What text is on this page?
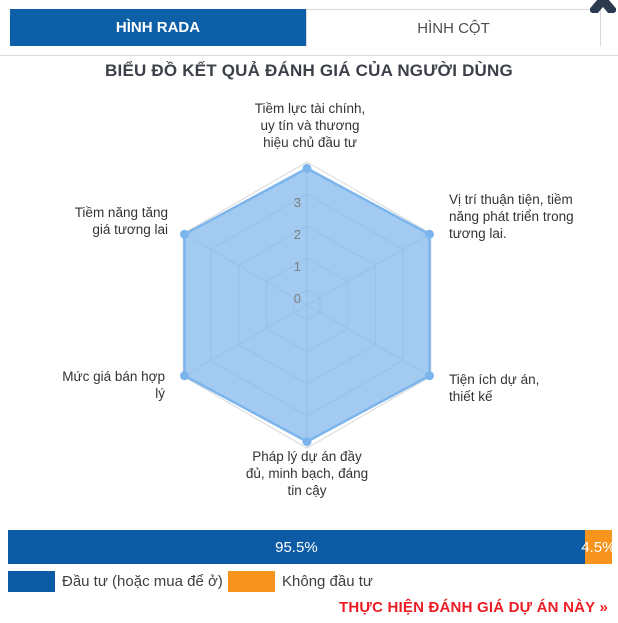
HÌNH RADA	HÌNH CỘT
BIỂU ĐỒ KẾT QUẢ ĐÁNH GIÁ CỦA NGƯỜI DÙNG
0
1
2
3
Tiềm lực tài chính, uy tín và thương hiệu chủ đầu tư
Vị trí thuận tiện, tiềm năng phát triển trong tương lai.
Tiện ích dự án, thiết kế
Pháp lý dự án đầy đủ, minh bạch, đáng tin cậy
Mức giá bán hợp lý
Tiềm năng tăng giá tương lai
95.5%	4.5%
Đầu tư (hoặc mua để ở)	Không đầu tư
THỰC HIỆN ĐÁNH GIÁ DỰ ÁN NÀY »
